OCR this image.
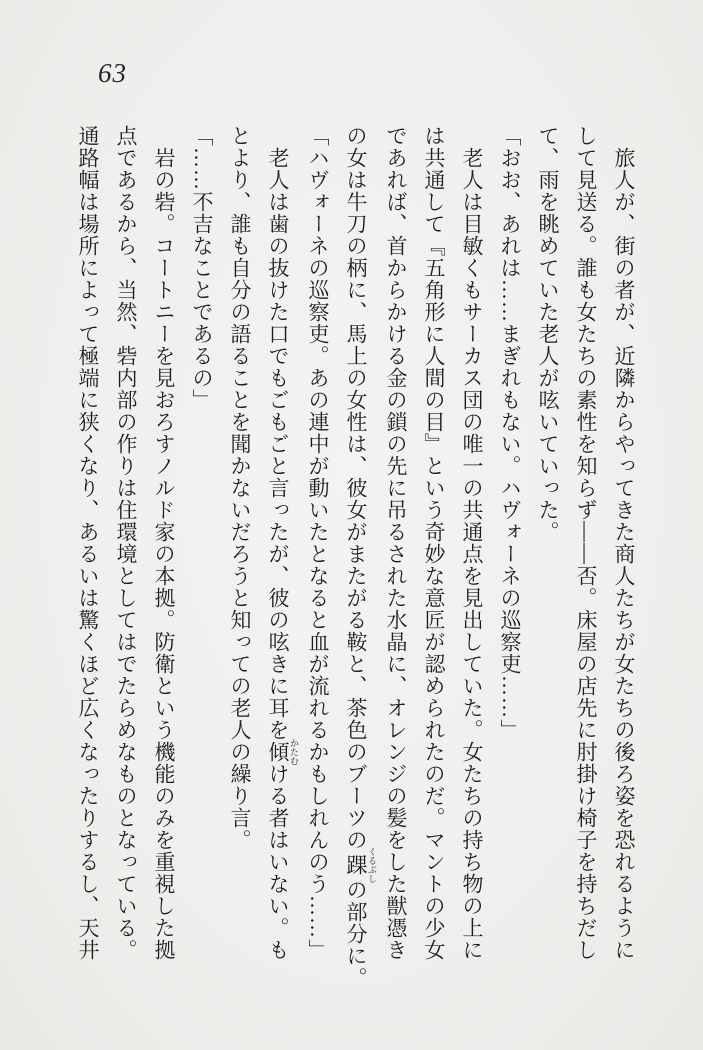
63

旅人が、街の者が、近隣からやってきた商人たちが女たちの後ろ姿を恐れるように

して見送る。誰も女たちの素性を知らず——否。床屋の店先に肘掛け椅子を持ちだし

て、雨を眺めていた老人が呟いていった。

「おお、あれは……まぎれもない。ハヴォーネの巡察吏……」

老人は目敏くもサーカス団の唯一の共通点を見出していた。女たちの持ち物の上に

は共通して『五角形に人間の目』という奇妙な意匠が認められたのだ。マントの少女

であれば、首からかける金の鎖の先に吊るされた水晶に、オレンジの髪をした獣憑き

の女は牛刀の柄に、馬上の女性は、彼女がまたがる鞍と、茶色のブーツの踝 くるぶしの部分に。

「ハヴォーネの巡察吏。あの連中が動いたとなると血が流れるかもしれんのう……」

老人は歯の抜けた口でもごもごと言ったが、彼の呟きに耳を傾 かたむける者はいない。も

とより、誰も自分の語ることを聞かないだろうと知っての老人の繰り言。

「……不吉なことであるの」

岩の砦。コートニーを見おろすノルド家の本拠。防衛という機能のみを重視した拠

点であるから、当然、砦内部の作りは住環境としてはでたらめなものとなっている。

通路幅は場所によって極端に狭くなり、あるいは驚くほど広くなったりするし、天井
